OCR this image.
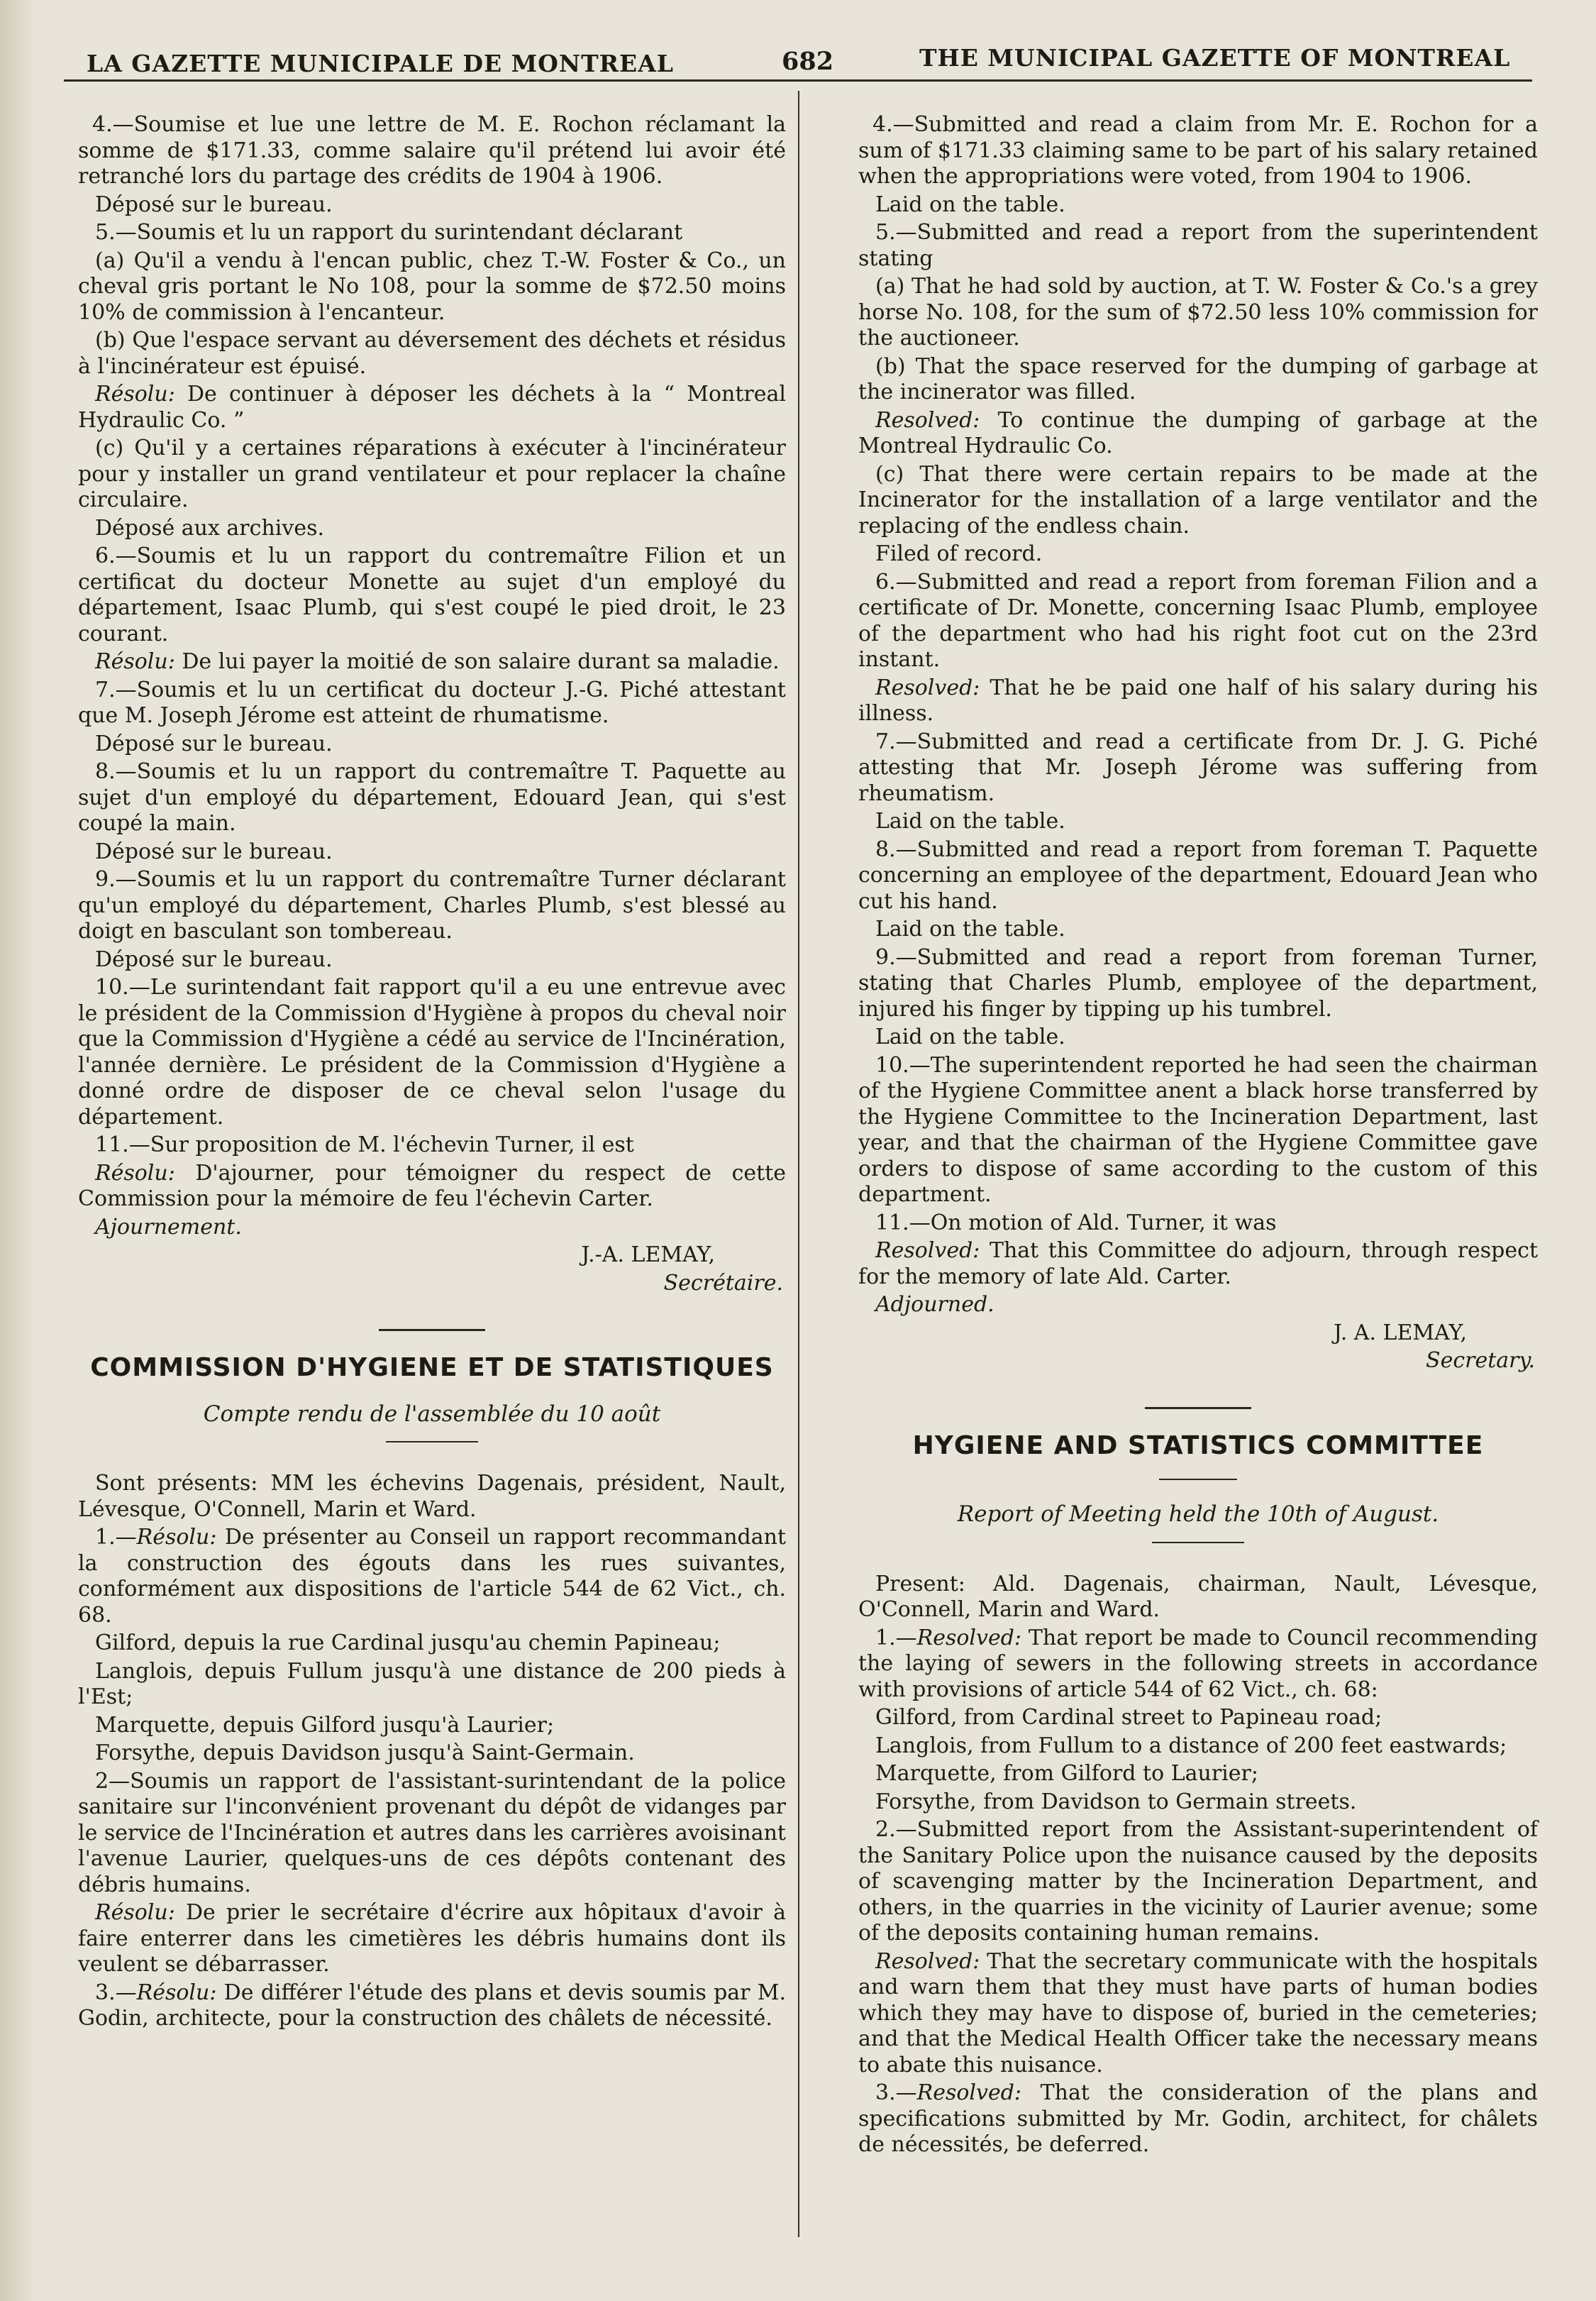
LA GAZETTE MUNICIPALE DE MONTREAL	682	THE MUNICIPAL GAZETTE OF MONTREAL

4.—Soumise et lue une lettre de M. E. Rochon réclamant la somme de $171.33, comme salaire qu'il prétend lui avoir été retranché lors du partage des crédits de 1904 à 1906.

Déposé sur le bureau.

5.—Soumis et lu un rapport du surintendant déclarant

(a) Qu'il a vendu à l'encan public, chez T.-W. Foster & Co., un cheval gris portant le No 108, pour la somme de $72.50 moins 10% de commission à l'encanteur.

(b) Que l'espace servant au déversement des déchets et résidus à l'incinérateur est épuisé.

Résolu: De continuer à déposer les déchets à la “ Montreal Hydraulic Co. ”

(c) Qu'il y a certaines réparations à exécuter à l'incinérateur pour y installer un grand ventilateur et pour replacer la chaîne circulaire.

Déposé aux archives.

6.—Soumis et lu un rapport du contremaître Filion et un certificat du docteur Monette au sujet d'un employé du département, Isaac Plumb, qui s'est coupé le pied droit, le 23 courant.

Résolu: De lui payer la moitié de son salaire durant sa maladie.

7.—Soumis et lu un certificat du docteur J.-G. Piché attestant que M. Joseph Jérome est atteint de rhumatisme.

Déposé sur le bureau.

8.—Soumis et lu un rapport du contremaître T. Paquette au sujet d'un employé du département, Edouard Jean, qui s'est coupé la main.

Déposé sur le bureau.

9.—Soumis et lu un rapport du contremaître Turner déclarant qu'un employé du département, Charles Plumb, s'est blessé au doigt en basculant son tombereau.

Déposé sur le bureau.

10.—Le surintendant fait rapport qu'il a eu une entrevue avec le président de la Commission d'Hygiène à propos du cheval noir que la Commission d'Hygiène a cédé au service de l'Incinération, l'année dernière. Le président de la Commission d'Hygiène a donné ordre de disposer de ce cheval selon l'usage du département.

11.—Sur proposition de M. l'échevin Turner, il est

Résolu: D'ajourner, pour témoigner du respect de cette Commission pour la mémoire de feu l'échevin Carter.

Ajournement.

J.-A. LEMAY,

Secrétaire.

COMMISSION D'HYGIENE ET DE STATISTIQUES
Compte rendu de l'assemblée du 10 août

Sont présents: MM les échevins Dagenais, président, Nault, Lévesque, O'Connell, Marin et Ward.

1.—Résolu: De présenter au Conseil un rapport recommandant la construction des égouts dans les rues suivantes, conformément aux dispositions de l'article 544 de 62 Vict., ch. 68.

Gilford, depuis la rue Cardinal jusqu'au chemin Papineau;

Langlois, depuis Fullum jusqu'à une distance de 200 pieds à l'Est;

Marquette, depuis Gilford jusqu'à Laurier;

Forsythe, depuis Davidson jusqu'à Saint-Germain.

2—Soumis un rapport de l'assistant-surintendant de la police sanitaire sur l'inconvénient provenant du dépôt de vidanges par le service de l'Incinération et autres dans les carrières avoisinant l'avenue Laurier, quelques-uns de ces dépôts contenant des débris humains.

Résolu: De prier le secrétaire d'écrire aux hôpitaux d'avoir à faire enterrer dans les cimetières les débris humains dont ils veulent se débarrasser.

3.—Résolu: De différer l'étude des plans et devis soumis par M. Godin, architecte, pour la construction des châlets de nécessité.

4.—Submitted and read a claim from Mr. E. Rochon for a sum of $171.33 claiming same to be part of his salary retained when the appropriations were voted, from 1904 to 1906.

Laid on the table.

5.—Submitted and read a report from the superintendent stating

(a) That he had sold by auction, at T. W. Foster & Co.'s a grey horse No. 108, for the sum of $72.50 less 10% commission for the auctioneer.

(b) That the space reserved for the dumping of garbage at the incinerator was filled.

Resolved: To continue the dumping of garbage at the Montreal Hydraulic Co.

(c) That there were certain repairs to be made at the Incinerator for the installation of a large ventilator and the replacing of the endless chain.

Filed of record.

6.—Submitted and read a report from foreman Filion and a certificate of Dr. Monette, concerning Isaac Plumb, employee of the department who had his right foot cut on the 23rd instant.

Resolved: That he be paid one half of his salary during his illness.

7.—Submitted and read a certificate from Dr. J. G. Piché attesting that Mr. Joseph Jérome was suffering from rheumatism.

Laid on the table.

8.—Submitted and read a report from foreman T. Paquette concerning an employee of the department, Edouard Jean who cut his hand.

Laid on the table.

9.—Submitted and read a report from foreman Turner, stating that Charles Plumb, employee of the department, injured his finger by tipping up his tumbrel.

Laid on the table.

10.—The superintendent reported he had seen the chairman of the Hygiene Committee anent a black horse transferred by the Hygiene Committee to the Incineration Department, last year, and that the chairman of the Hygiene Committee gave orders to dispose of same according to the custom of this department.

11.—On motion of Ald. Turner, it was

Resolved: That this Committee do adjourn, through respect for the memory of late Ald. Carter.

Adjourned.

J. A. LEMAY,

Secretary.

HYGIENE AND STATISTICS COMMITTEE
Report of Meeting held the 10th of August.

Present: Ald. Dagenais, chairman, Nault, Lévesque, O'Connell, Marin and Ward.

1.—Resolved: That report be made to Council recommending the laying of sewers in the following streets in accordance with provisions of article 544 of 62 Vict., ch. 68:

Gilford, from Cardinal street to Papineau road;

Langlois, from Fullum to a distance of 200 feet eastwards;

Marquette, from Gilford to Laurier;

Forsythe, from Davidson to Germain streets.

2.—Submitted report from the Assistant-superintendent of the Sanitary Police upon the nuisance caused by the deposits of scavenging matter by the Incineration Department, and others, in the quarries in the vicinity of Laurier avenue; some of the deposits containing human remains.

Resolved: That the secretary communicate with the hospitals and warn them that they must have parts of human bodies which they may have to dispose of, buried in the cemeteries; and that the Medical Health Officer take the necessary means to abate this nuisance.

3.—Resolved: That the consideration of the plans and specifications submitted by Mr. Godin, architect, for châlets de nécessités, be deferred.
